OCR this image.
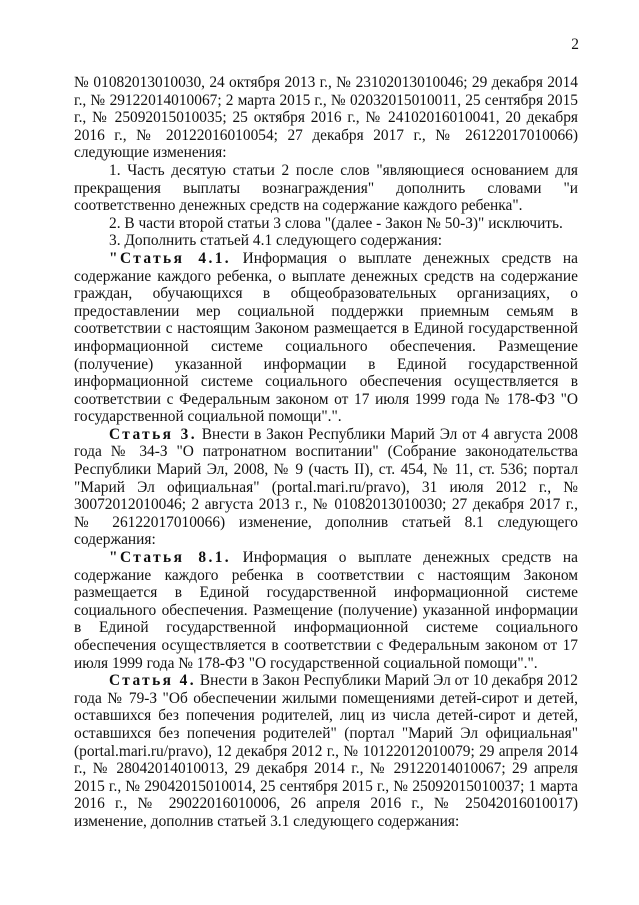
2

№ 01082013010030, 24 октября 2013 г., № 23102013010046; 29 декабря 2014 г., № 29122014010067; 2 марта 2015 г., № 02032015010011, 25 сентября 2015 г., № 25092015010035; 25 октября 2016 г., № 24102016010041, 20 декабря 2016 г., № 20122016010054; 27 декабря 2017 г., № 26122017010066) следующие изменения:

1. Часть десятую статьи 2 после слов "являющиеся основанием для прекращения выплаты вознаграждения" дополнить словами "и соответственно денежных средств на содержание каждого ребенка".

2. В части второй статьи 3 слова "(далее - Закон № 50-З)" исключить.

3. Дополнить статьей 4.1 следующего содержания:

"Статья 4.1. Информация о выплате денежных средств на содержание каждого ребенка, о выплате денежных средств на содержание граждан, обучающихся в общеобразовательных организациях, о предоставлении мер социальной поддержки приемным семьям в соответствии с настоящим Законом размещается в Единой государственной информационной системе социального обеспечения. Размещение (получение) указанной информации в Единой государственной информационной системе социального обеспечения осуществляется в соответствии с Федеральным законом от 17 июля 1999 года № 178-ФЗ "О государственной социальной помощи".".

Статья 3. Внести в Закон Республики Марий Эл от 4 августа 2008 года № 34-З "О патронатном воспитании" (Собрание законодательства Республики Марий Эл, 2008, № 9 (часть II), ст. 454, № 11, ст. 536; портал "Марий Эл официальная" (portal.mari.ru/pravo), 31 июля 2012 г., № 30072012010046; 2 августа 2013 г., № 01082013010030; 27 декабря 2017 г., № 26122017010066) изменение, дополнив статьей 8.1 следующего содержания:

"Статья 8.1. Информация о выплате денежных средств на содержание каждого ребенка в соответствии с настоящим Законом размещается в Единой государственной информационной системе социального обеспечения. Размещение (получение) указанной информации в Единой государственной информационной системе социального обеспечения осуществляется в соответствии с Федеральным законом от 17 июля 1999 года № 178-ФЗ "О государственной социальной помощи".".

Статья 4. Внести в Закон Республики Марий Эл от 10 декабря 2012 года № 79-З "Об обеспечении жилыми помещениями детей-сирот и детей, оставшихся без попечения родителей, лиц из числа детей-сирот и детей, оставшихся без попечения родителей" (портал "Марий Эл официальная" (portal.mari.ru/pravo), 12 декабря 2012 г., № 10122012010079; 29 апреля 2014 г., № 28042014010013, 29 декабря 2014 г., № 29122014010067; 29 апреля 2015 г., № 29042015010014, 25 сентября 2015 г., № 25092015010037; 1 марта 2016 г., № 29022016010006, 26 апреля 2016 г., № 25042016010017) изменение, дополнив статьей 3.1 следующего содержания:
